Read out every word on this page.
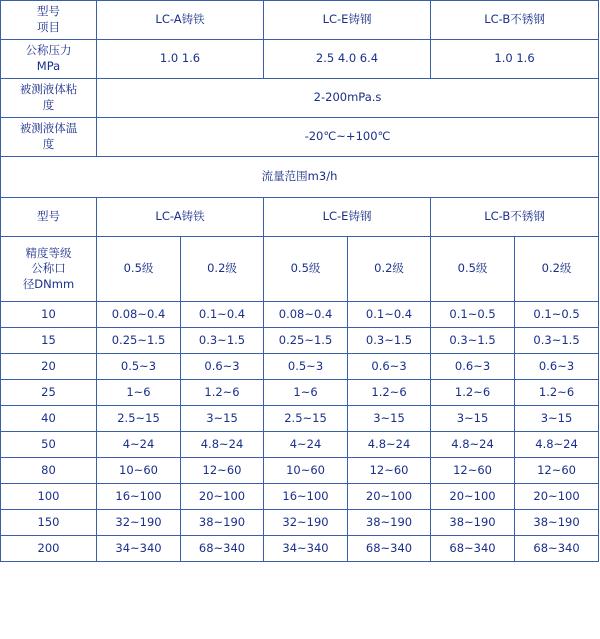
型号
项目	LC-A铸铁		LC-E铸钢		LC-B不锈钢	

公称压力
MPa	1.0 1.6		2.5 4.0 6.4		1.0 1.6	

被测液体粘
度	2-200mPa.s					

被测液体温
度	-20℃~+100℃					
流量范围m3/h						
型号	LC-A铸铁		LC-E铸钢		LC-B不锈钢	

精度等级
公称口
径DNmm	0.5级	0.2级	0.5级	0.2级	0.5级	0.2级
10	0.08~0.4	0.1~0.4	0.08~0.4	0.1~0.4	0.1~0.5	0.1~0.5
15	0.25~1.5	0.3~1.5	0.25~1.5	0.3~1.5	0.3~1.5	0.3~1.5
20	0.5~3	0.6~3	0.5~3	0.6~3	0.6~3	0.6~3
25	1~6	1.2~6	1~6	1.2~6	1.2~6	1.2~6
40	2.5~15	3~15	2.5~15	3~15	3~15	3~15
50	4~24	4.8~24	4~24	4.8~24	4.8~24	4.8~24
80	10~60	12~60	10~60	12~60	12~60	12~60
100	16~100	20~100	16~100	20~100	20~100	20~100
150	32~190	38~190	32~190	38~190	38~190	38~190
200	34~340	68~340	34~340	68~340	68~340	68~340
